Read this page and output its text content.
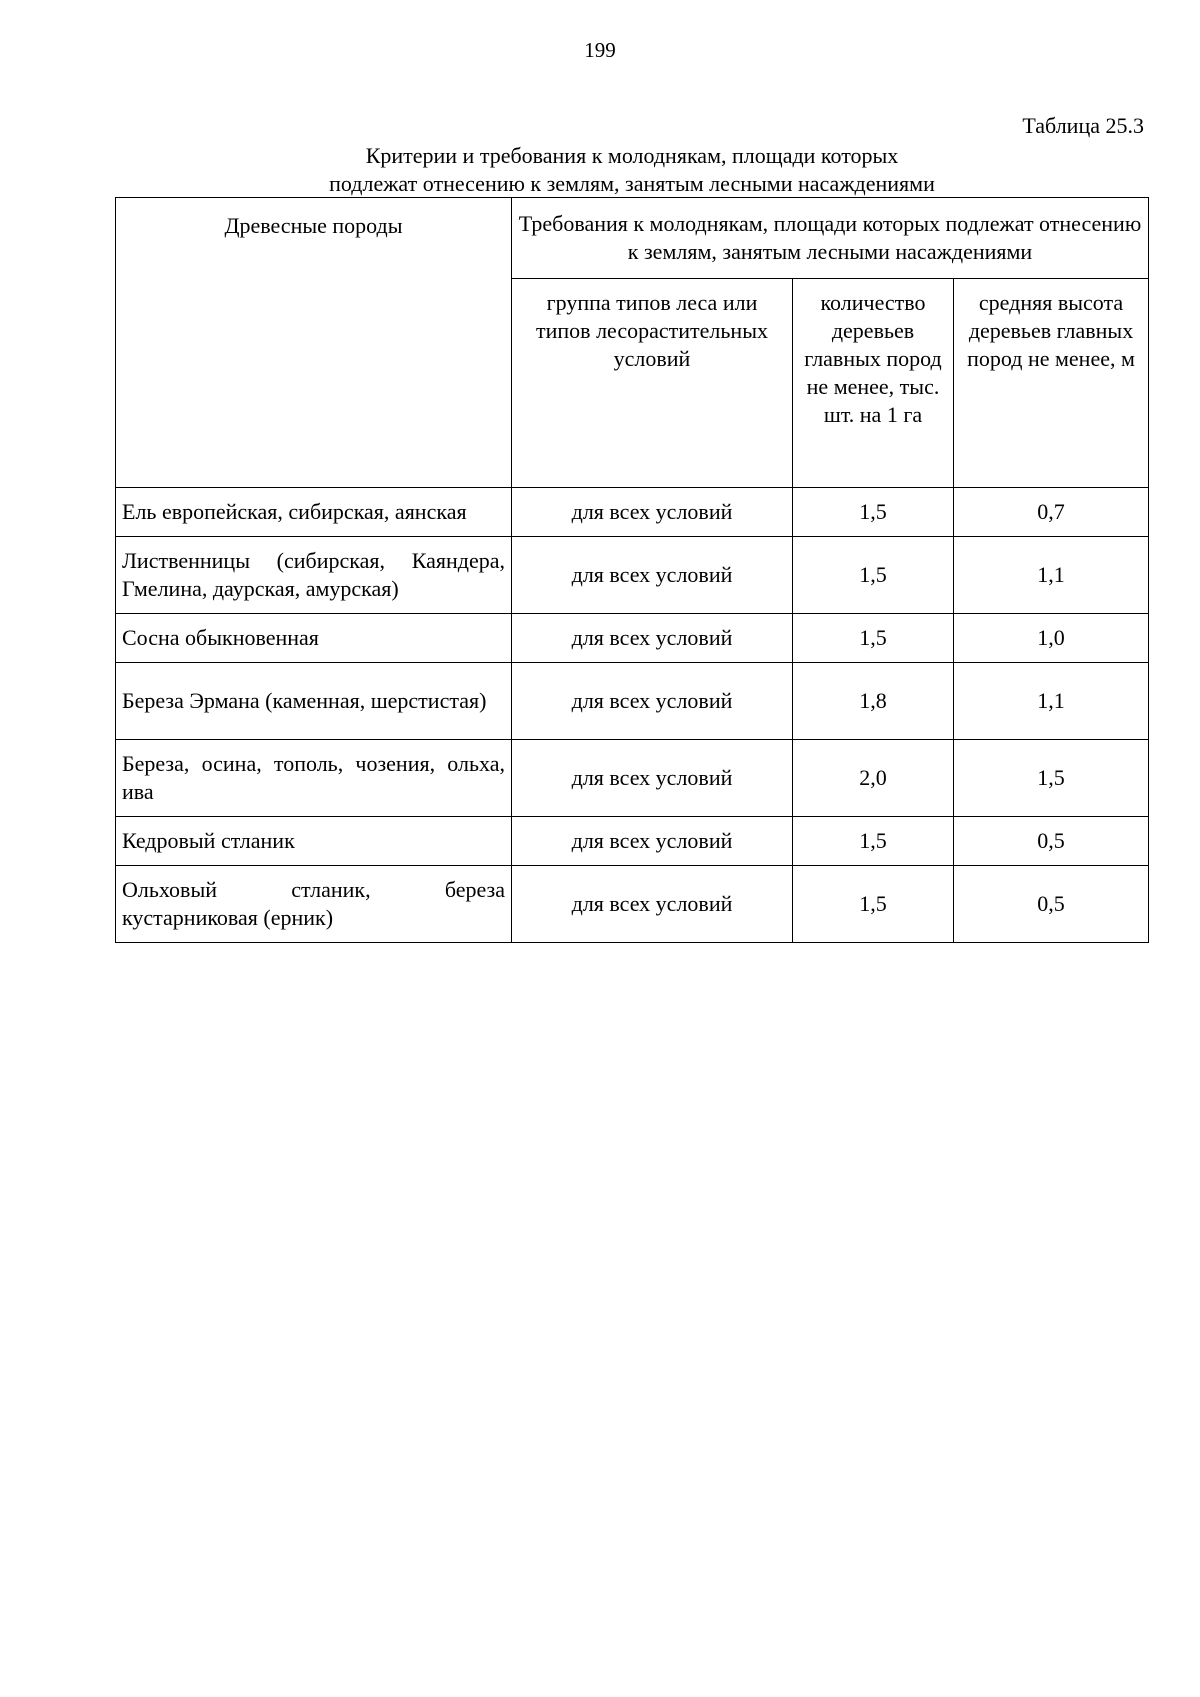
199
Таблица 25.3
Критерии и требования к молоднякам, площади которых
подлежат отнесению к землям, занятым лесными насаждениями
Древесные породы	Требования к молоднякам, площади которых подлежат отнесению к землям, занятым лесными насаждениями		
	группа типов леса или типов лесорастительных условий	количество деревьев главных пород не менее, тыс. шт. на 1 га	средняя высота деревьев главных пород не менее, м
Ель европейская, сибирская, аянская	для всех условий	1,5	0,7
Лиственницы (сибирская, Каяндера, Гмелина, даурская, амурская)	для всех условий	1,5	1,1
Сосна обыкновенная	для всех условий	1,5	1,0
Береза Эрмана (каменная, шерстистая)	для всех условий	1,8	1,1
Береза, осина, тополь, чозения, ольха, ива	для всех условий	2,0	1,5
Кедровый стланик	для всех условий	1,5	0,5
Ольховый стланик, береза кустарниковая (ерник)	для всех условий	1,5	0,5
